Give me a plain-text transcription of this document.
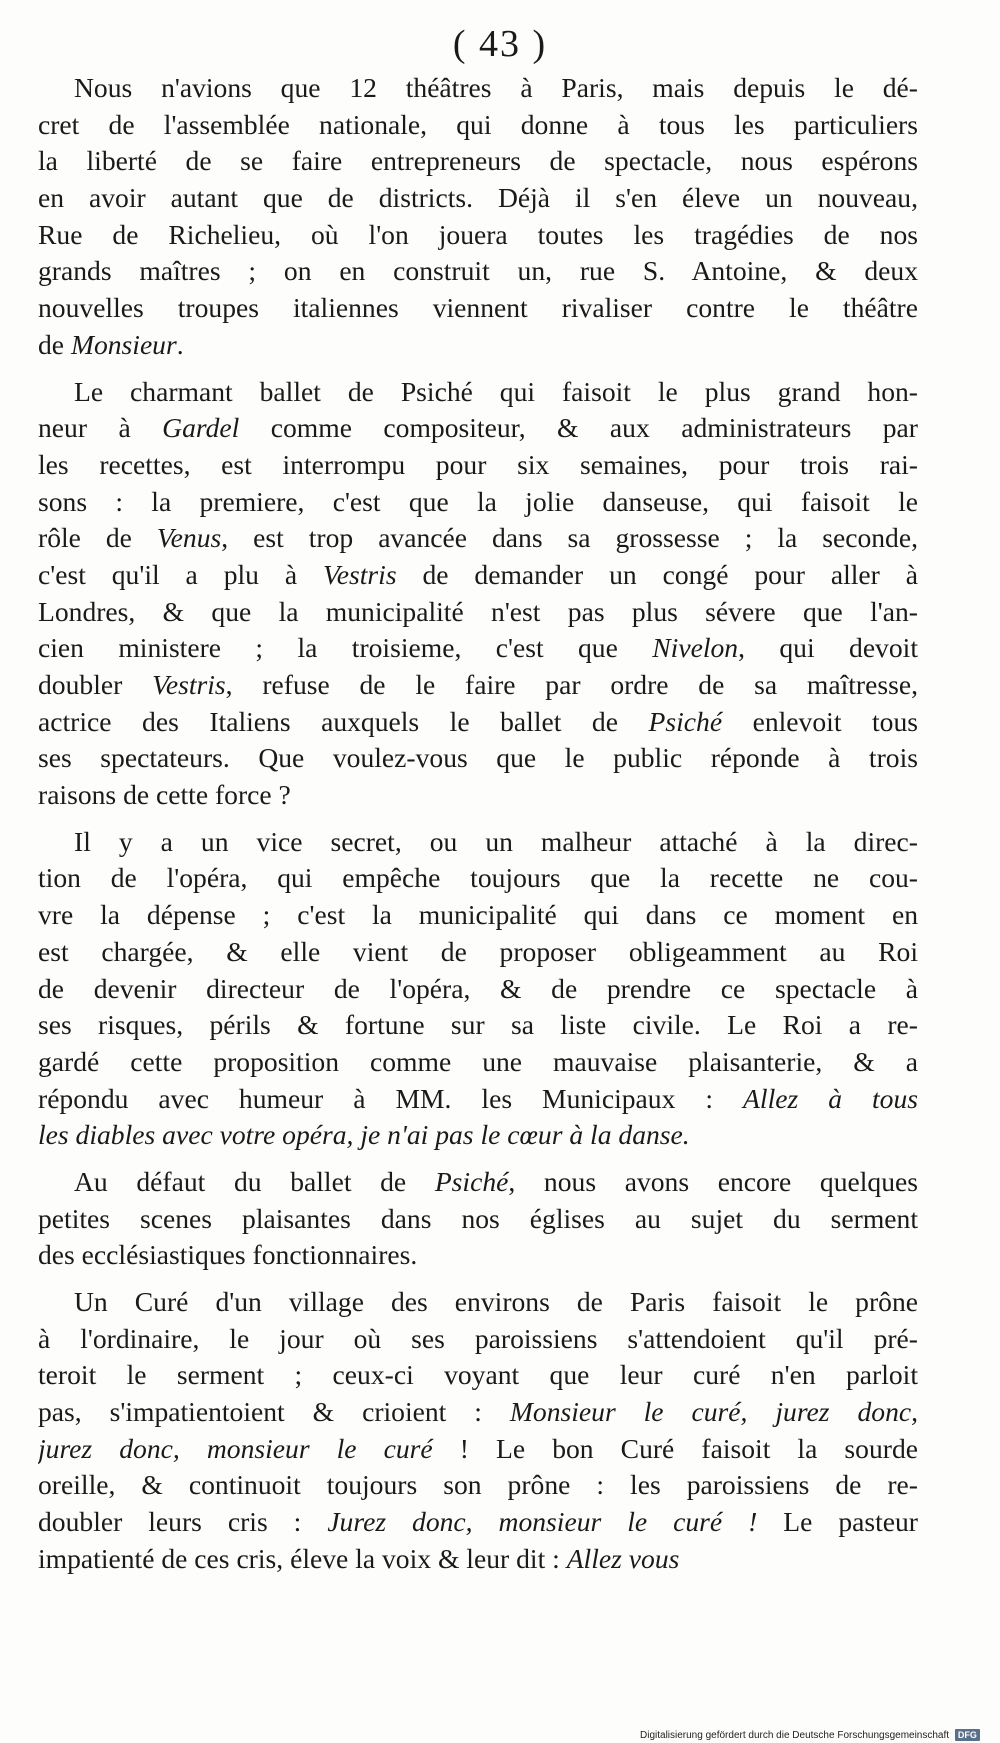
( 43 )

Nous n'avions que 12 théâtres à Paris, mais depuis le dé-
cret de l'assemblée nationale, qui donne à tous les particuliers
la liberté de se faire entrepreneurs de spectacle, nous espérons
en avoir autant que de districts. Déjà il s'en éleve un nouveau,
Rue de Richelieu, où l'on jouera toutes les tragédies de nos
grands maîtres ; on en construit un, rue S. Antoine, & deux
nouvelles troupes italiennes viennent rivaliser contre le théâtre
de Monsieur.

Le charmant ballet de Psiché qui faisoit le plus grand hon-
neur à Gardel comme compositeur, & aux administrateurs par
les recettes, est interrompu pour six semaines, pour trois rai-
sons : la premiere, c'est que la jolie danseuse, qui faisoit le
rôle de Venus, est trop avancée dans sa grossesse ; la seconde,
c'est qu'il a plu à Vestris de demander un congé pour aller à
Londres, & que la municipalité n'est pas plus sévere que l'an-
cien ministere ; la troisieme, c'est que Nivelon, qui devoit
doubler Vestris, refuse de le faire par ordre de sa maîtresse,
actrice des Italiens auxquels le ballet de Psiché enlevoit tous
ses spectateurs. Que voulez-vous que le public réponde à trois
raisons de cette force ?

Il y a un vice secret, ou un malheur attaché à la direc-
tion de l'opéra, qui empêche toujours que la recette ne cou-
vre la dépense ; c'est la municipalité qui dans ce moment en
est chargée, & elle vient de proposer obligeamment au Roi
de devenir directeur de l'opéra, & de prendre ce spectacle à
ses risques, périls & fortune sur sa liste civile. Le Roi a re-
gardé cette proposition comme une mauvaise plaisanterie, & a
répondu avec humeur à MM. les Municipaux : Allez à tous
les diables avec votre opéra, je n'ai pas le cœur à la danse.

Au défaut du ballet de Psiché, nous avons encore quelques
petites scenes plaisantes dans nos églises au sujet du serment
des ecclésiastiques fonctionnaires.

Un Curé d'un village des environs de Paris faisoit le prône
à l'ordinaire, le jour où ses paroissiens s'attendoient qu'il pré-
teroit le serment ; ceux-ci voyant que leur curé n'en parloit
pas, s'impatientoient & crioient : Monsieur le curé, jurez donc,
jurez donc, monsieur le curé ! Le bon Curé faisoit la sourde
oreille, & continuoit toujours son prône : les paroissiens de re-
doubler leurs cris : Jurez donc, monsieur le curé ! Le pasteur
impatienté de ces cris, éleve la voix & leur dit : Allez vous

Digitalisierung gefördert durch die Deutsche Forschungsgemeinschaft DFG
